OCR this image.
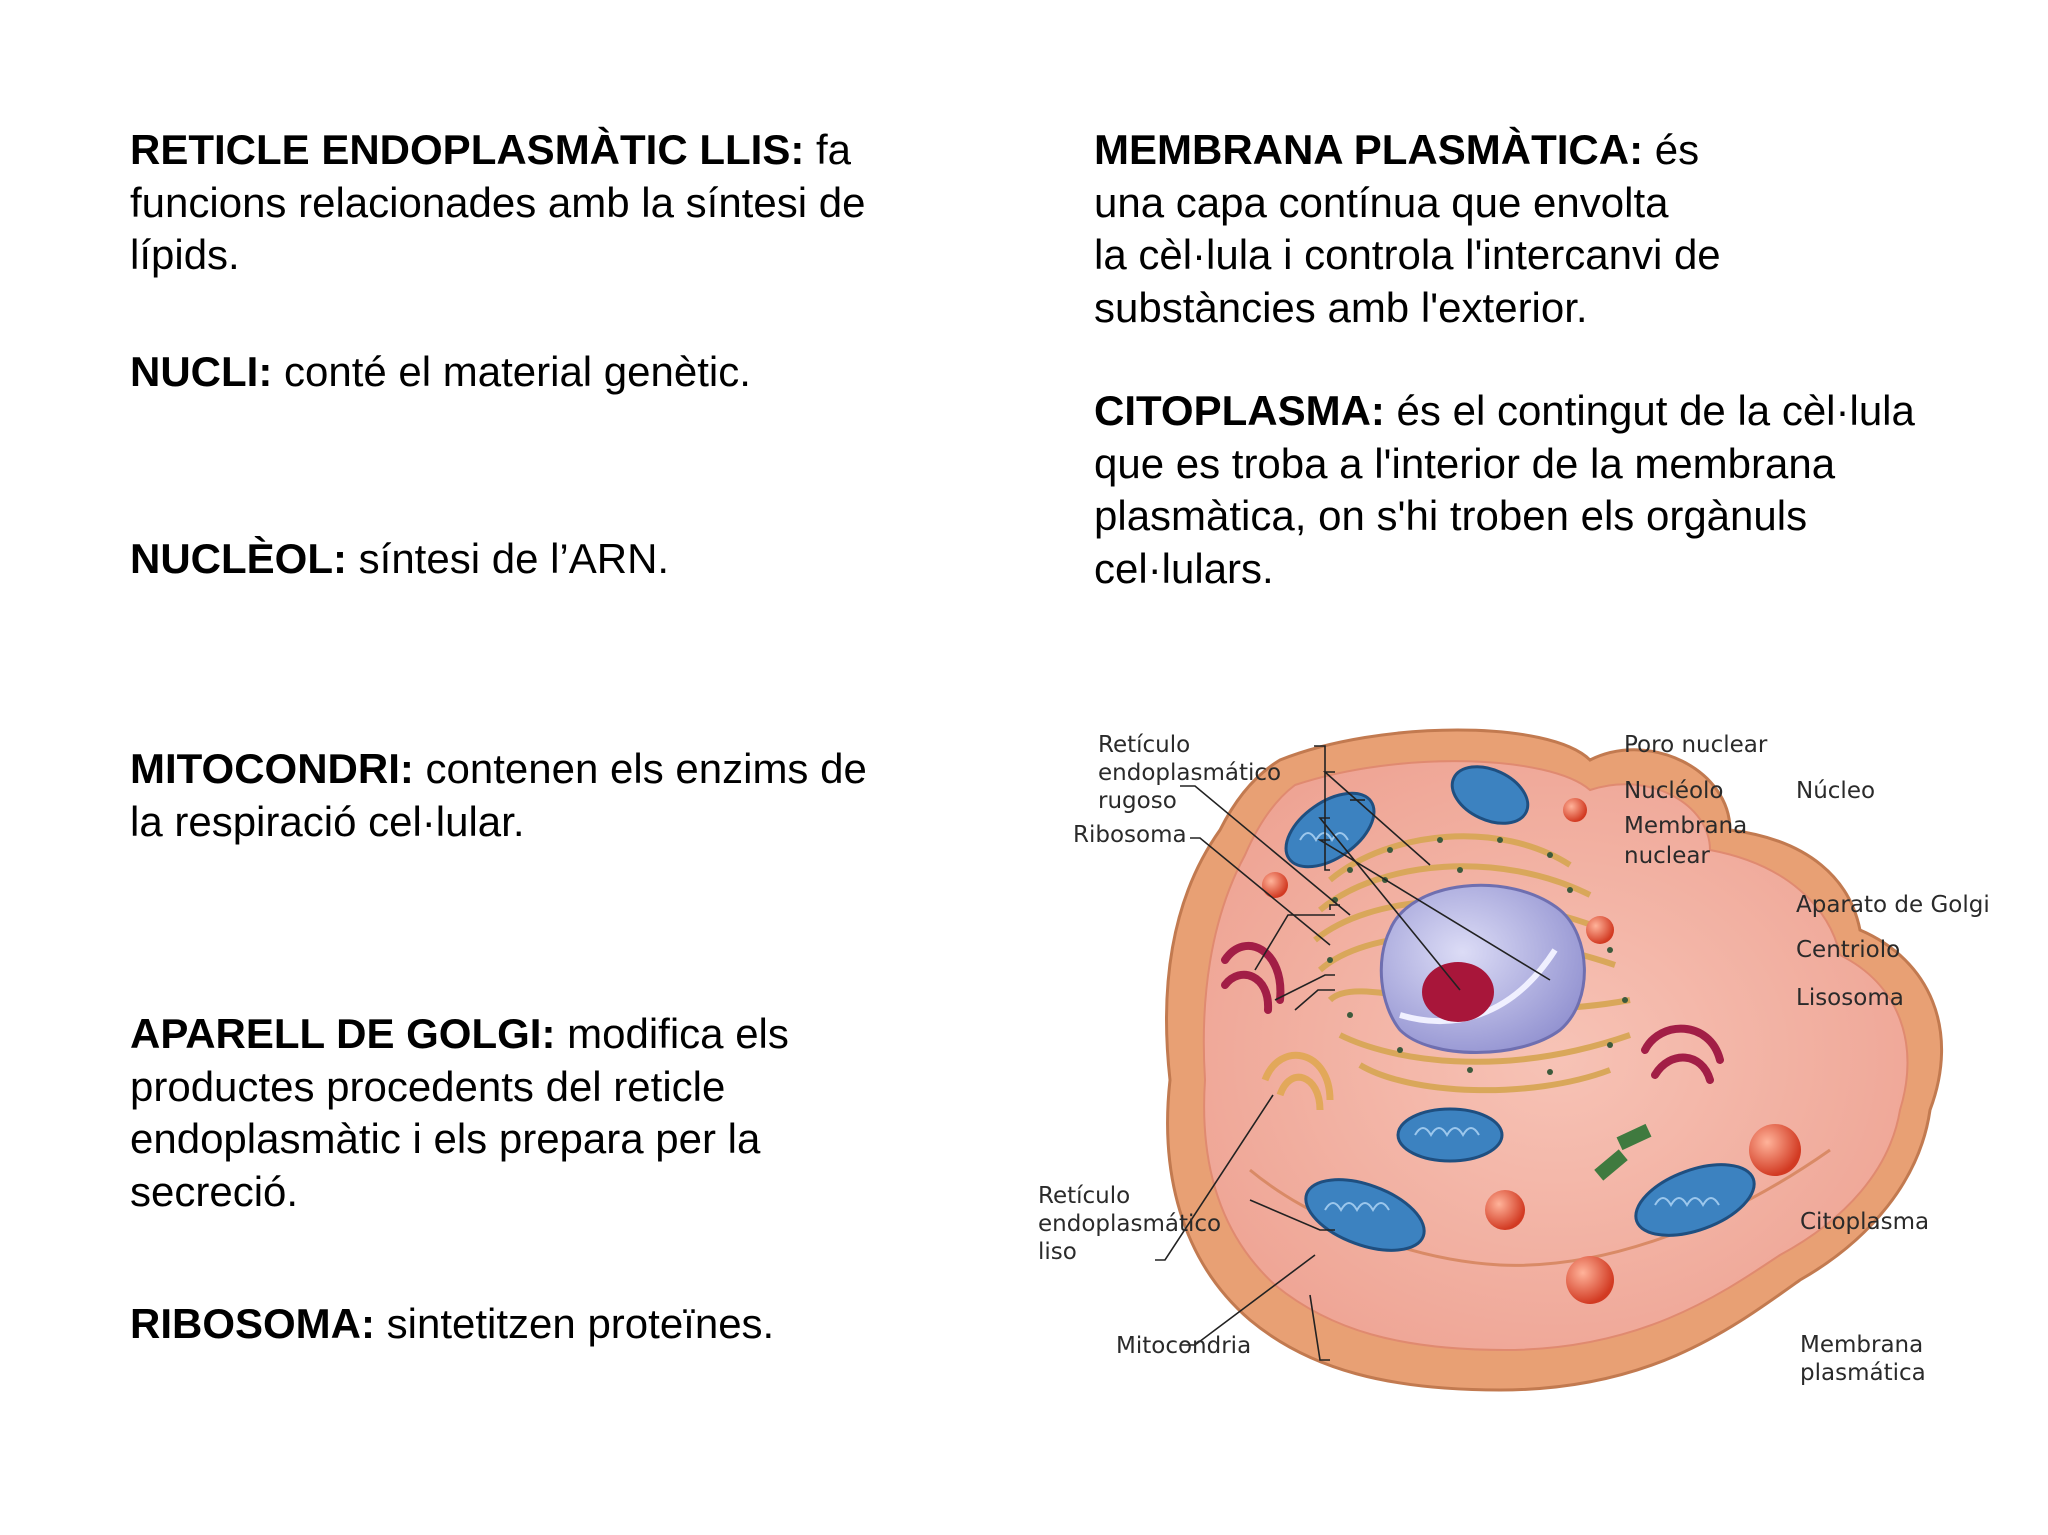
RETICLE ENDOPLASMÀTIC LLIS: fa
funcions relacionades amb la síntesi de
lípids.
NUCLI: conté el material genètic.
NUCLÈOL: síntesi de l’ARN.
MITOCONDRI: contenen els enzims de
la respiració cel·lular.
APARELL DE GOLGI: modifica els
productes procedents del reticle
endoplasmàtic i els prepara per la
secreció.
RIBOSOMA: sintetitzen proteïnes.
MEMBRANA PLASMÀTICA: és
una capa contínua que envolta
la cèl·lula i controla l'intercanvi de
substàncies amb l'exterior.
CITOPLASMA: és el contingut de la cèl·lula
que es troba a l'interior de la membrana
plasmàtica, on s'hi troben els orgànuls
cel·lulars.
Retículo
endoplasmático
rugoso
Ribosoma
Poro nuclear
Nucléolo
Membrana
nuclear
Núcleo
Aparato de Golgi
Centriolo
Lisosoma
Retículo
endoplasmático
liso
Citoplasma
Mitocondria	Membrana
plasmática
